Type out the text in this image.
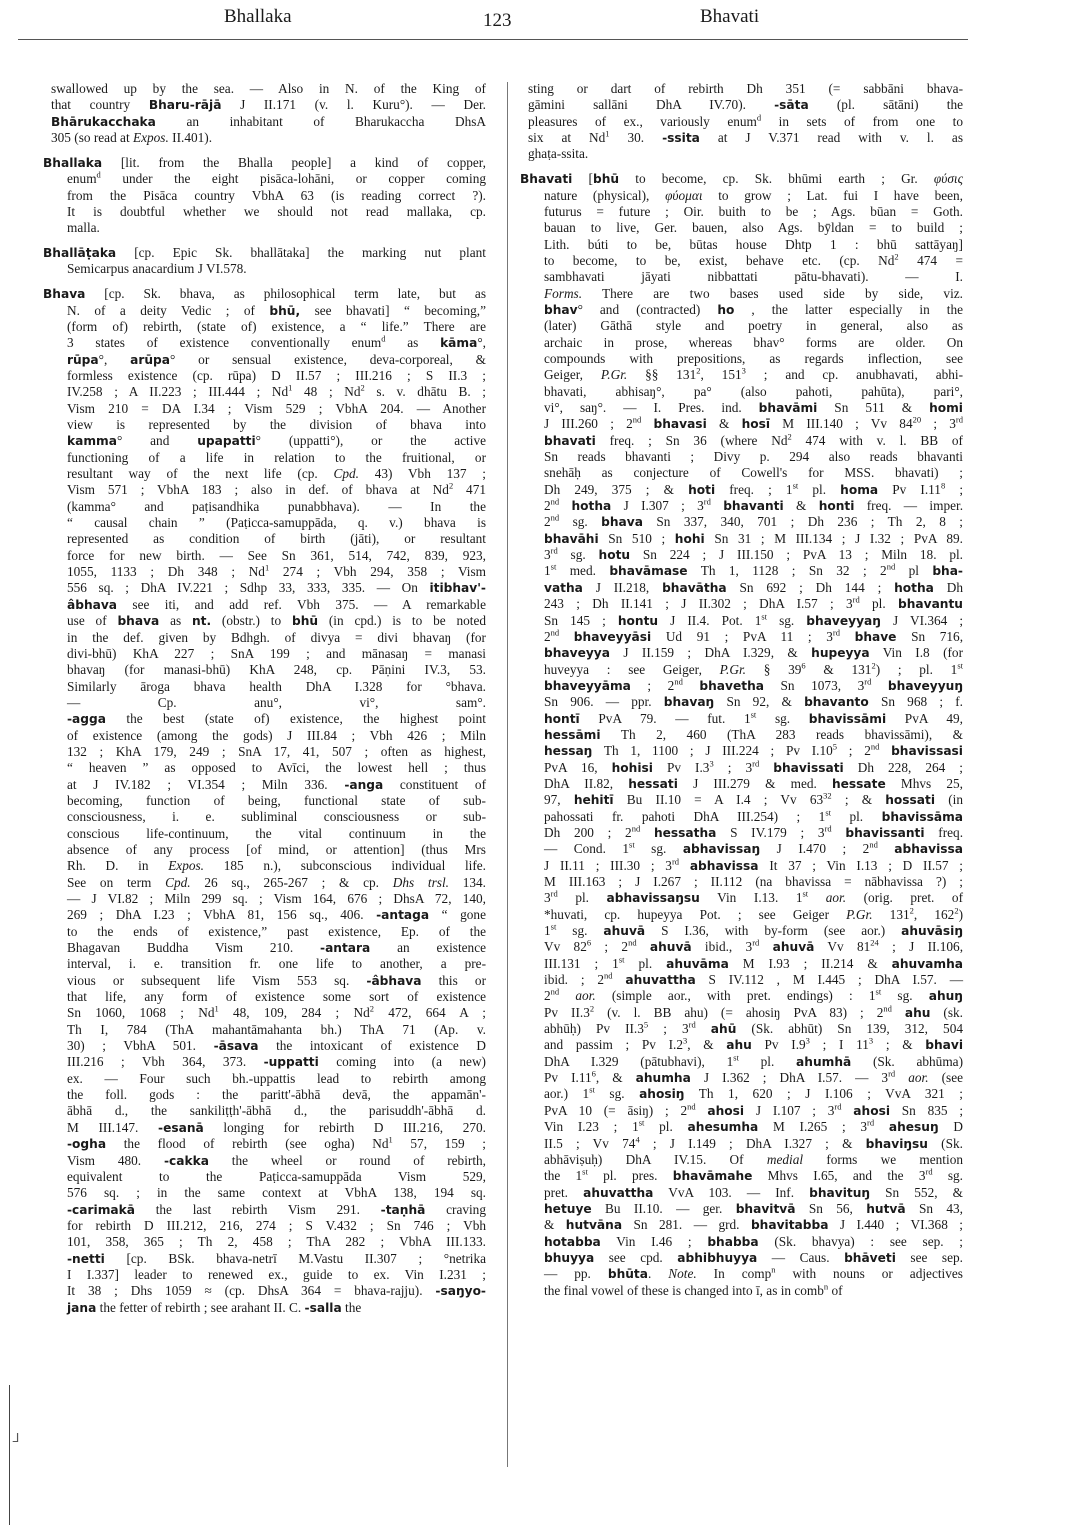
Bhallaka	123	Bhavati
swallowed up by the sea. — Also in N. of the King of
that country Bharu-rājā J II.171 (v. l. Kuru°). — Der.
Bhārukacchaka an inhabitant of Bharukaccha DhsA
305 (so read at Expos. II.401).
Bhallaka [lit. from the Bhalla people] a kind of copper,
enum$^d$ under the eight pisāca-lohāni, or copper coming
from the Pisāca country VbhA 63 (is reading correct ?).
It is doubtful whether we should not read mallaka, cp.
malla.
Bhallāṭaka [cp. Epic Sk. bhallātaka] the marking nut plant
Semicarpus anacardium J VI.578.
Bhava [cp. Sk. bhava, as philosophical term late, but as
N. of a deity Vedic ; of bhū, see bhavati] “ becoming,”
(form of) rebirth, (state of) existence, a “ life.” There are
3 states of existence conventionally enum$^d$ as kāma°,
rūpa°, arūpa° or sensual existence, deva-corporeal, &
formless existence (cp. rūpa) D II.57 ; III.216 ; S II.3 ;
IV.258 ; A II.223 ; III.444 ; Nd$^1$ 48 ; Nd$^2$ s. v. dhātu B. ;
Vism 210 = DA I.34 ; Vism 529 ; VbhA 204. — Another
view is represented by the division of bhava into
kamma° and upapatti° (uppatti°), or the active
functioning of a life in relation to the fruitional, or
resultant way of the next life (cp. Cpd. 43) Vbh 137 ;
Vism 571 ; VbhA 183 ; also in def. of bhava at Nd$^2$ 471
(kamma° and paṭisandhika punabbhava). — In the
“ causal chain ” (Paṭicca-samuppāda, q. v.) bhava is
represented as condition of birth (jāti), or resultant
force for new birth. — See Sn 361, 514, 742, 839, 923,
1055, 1133 ; Dh 348 ; Nd$^1$ 274 ; Vbh 294, 358 ; Vism
556 sq. ; DhA IV.221 ; Sdhp 33, 333, 335. — On itibhav'-
âbhava see iti, and add ref. Vbh 375. — A remarkable
use of bhava as nt. (obstr.) to bhū (in cpd.) is to be noted
in the def. given by Bdhgh. of divya = divi bhavaŋ (for
divi-bhū) KhA 227 ; SnA 199 ; and mānasaŋ = manasi
bhavaŋ (for manasi-bhū) KhA 248, cp. Pāṇini IV.3, 53.
Similarly āroga bhava health DhA I.328 for °bhava.
— Cp. anu°, vi°, sam°.
-agga the best (state of) existence, the highest point
of existence (among the gods) J III.84 ; Vbh 426 ; Miln
132 ; KhA 179, 249 ; SnA 17, 41, 507 ; often as highest,
“ heaven ” as opposed to Avīci, the lowest hell ; thus
at J IV.182 ; VI.354 ; Miln 336. -anga constituent of
becoming, function of being, functional state of sub-
consciousness, i. e. subliminal consciousness or sub-
conscious life-continuum, the vital continuum in the
absence of any process [of mind, or attention] (thus Mrs
Rh. D. in Expos. 185 n.), subconscious individual life.
See on term Cpd. 26 sq., 265-267 ; & cp. Dhs trsl. 134.
— J VI.82 ; Miln 299 sq. ; Vism 164, 676 ; DhsA 72, 140,
269 ; DhA I.23 ; VbhA 81, 156 sq., 406. -antaga “ gone
to the ends of existence,” past existence, Ep. of the
Bhagavan Buddha Vism 210. -antara an existence
interval, i. e. transition fr. one life to another, a pre-
vious or subsequent life Vism 553 sq. -âbhava this or
that life, any form of existence some sort of existence
Sn 1060, 1068 ; Nd$^1$ 48, 109, 284 ; Nd$^2$ 472, 664 A ;
Th I, 784 (ThA mahantāmahanta bh.) ThA 71 (Ap. v.
30) ; VbhA 501. -āsava the intoxicant of existence D
III.216 ; Vbh 364, 373. -uppatti coming into (a new)
ex. — Four such bh.-uppattis lead to rebirth among
the foll. gods : the paritt'-ābhā devā, the appamān'-
ābhā d., the sankiliṭṭh'-ābhā d., the parisuddh'-ābhā d.
M III.147. -esanā longing for rebirth D III.216, 270.
-ogha the flood of rebirth (see ogha) Nd$^1$ 57, 159 ;
Vism 480. -cakka the wheel or round of rebirth,
equivalent to the Paṭicca-samuppāda Vism 529,
576 sq. ; in the same context at VbhA 138, 194 sq.
-carimakā the last rebirth Vism 291. -taṇhā craving
for rebirth D III.212, 216, 274 ; S V.432 ; Sn 746 ; Vbh
101, 358, 365 ; Th 2, 458 ; ThA 282 ; VbhA III.133.
-netti [cp. BSk. bhava-netrī M.Vastu II.307 ; °netrika
I I.337] leader to renewed ex., guide to ex. Vin I.231 ;
It 38 ; Dhs 1059 ≈ (cp. DhsA 364 = bhava-rajju). -saŋyo-
jana the fetter of rebirth ; see arahant II. C. -salla the
sting or dart of rebirth Dh 351 (= sabbāni bhava-
gāmini sallāni DhA IV.70). -sāta (pl. sātāni) the
pleasures of ex., variously enum$^d$ in sets of from one to
six at Nd$^1$ 30. -ssita at J V.371 read with v. l. as
ghaṭa-ssita.
Bhavati [bhū to become, cp. Sk. bhūmi earth ; Gr. φύσις
nature (physical), φύομαι to grow ; Lat. fui I have been,
futurus = future ; Oir. buith to be ; Ags. būan = Goth.
bauan to live, Ger. bauen, also Ags. bȳldan = to build ;
Lith. búti to be, būtas house Dhtp 1 : bhū sattāyaŋ]
to become, to be, exist, behave etc. (cp. Nd$^2$ 474 =
sambhavati jāyati nibbattati pātu-bhavati). — I.
Forms. There are two bases used side by side, viz.
bhav° and (contracted) ho , the latter especially in the
(later) Gāthā style and poetry in general, also as
archaic in prose, whereas bhav° forms are older. On
compounds with prepositions, as regards inflection, see
Geiger, P.Gr. §§ $131^2$, $151^3$ ; and cp. anubhavati, abhi-
bhavati, abhisaŋ°, pa° (also pahoti, pahūta), pari°,
vi°, saŋ°. — I. Pres. ind. bhavāmi Sn 511 & homi
J III.260 ; 2nd bhavasi & hosī M III.140 ; Vv $84^{20}$ ; 3rd
bhavati freq. ; Sn 36 (where Nd$^2$ 474 with v. l. BB of
Sn reads bhavanti ; Divy p. 294 also reads bhavanti
snehāḥ as conjecture of Cowell's for MSS. bhavati) ;
Dh 249, 375 ; & hoti freq. ; 1st pl. homa Pv $I.11^8$ ;
2nd hotha J I.307 ; 3rd bhavanti & honti freq. — imper.
2nd sg. bhava Sn 337, 340, 701 ; Dh 236 ; Th 2, 8 ;
bhavāhi Sn 510 ; hohi Sn 31 ; M III.134 ; J I.32 ; PvA 89.
3rd sg. hotu Sn 224 ; J III.150 ; PvA 13 ; Miln 18. pl.
1st med. bhavāmase Th 1, 1128 ; Sn 32 ; 2nd pl bha-
vatha J II.218, bhavātha Sn 692 ; Dh 144 ; hotha Dh
243 ; Dh II.141 ; J II.302 ; DhA I.57 ; 3rd pl. bhavantu
Sn 145 ; hontu J II.4. Pot. 1st sg. bhaveyyaŋ J VI.364 ;
2nd bhaveyyāsi Ud 91 ; PvA 11 ; 3rd bhave Sn 716,
bhaveyya J II.159 ; DhA I.329, & hupeyya Vin I.8 (for
huveyya : see Geiger, P.Gr. § $39^6$ & $131^2$) ; pl. 1st
bhaveyyāma ; 2nd bhavetha Sn 1073, 3rd bhaveyyuŋ
Sn 906. — ppr. bhavaŋ Sn 92, & bhavanto Sn 968 ; f.
hontī PvA 79. — fut. 1st sg. bhavissāmi PvA 49,
hessāmi Th 2, 460 (ThA 283 reads bhavissāmi), &
hessaŋ Th 1, 1100 ; J III.224 ; Pv $I.10^5$ ; 2nd bhavissasi
PvA 16, hohisi Pv $I.3^3$ ; 3rd bhavissati Dh 228, 264 ;
DhA II.82, hessati J III.279 & med. hessate Mhvs 25,
97, hehitī Bu II.10 = A I.4 ; Vv $63^{32}$ ; & hossati (in
pahossati fr. pahoti DhA III.254) ; 1st pl. bhavissāma
Dh 200 ; 2nd hessatha S IV.179 ; 3rd bhavissanti freq.
— Cond. 1st sg. abhavissaŋ J I.470 ; 2nd abhavissa
J II.11 ; III.30 ; 3rd abhavissa It 37 ; Vin I.13 ; D II.57 ;
M III.163 ; J I.267 ; II.112 (na bhavissa = nābhavissa ?) ;
3rd pl. abhavissaŋsu Vin I.13. 1st aor. (orig. pret. of
*huvati, cp. hupeyya Pot. ; see Geiger P.Gr. $131^2$, $162^2$)
1st sg. ahuvā S I.36, with by-form (see aor.) ahuvāsiŋ
Vv $82^6$ ; 2nd ahuvā ibid., 3rd ahuvā Vv $81^{24}$ ; J II.106,
III.131 ; 1st pl. ahuvāma M I.93 ; II.214 & ahuvamha
ibid. ; 2nd ahuvattha S IV.112 , M I.445 ; DhA I.57. —
2nd aor. (simple aor., with pret. endings) : 1st sg. ahuŋ
Pv $II.3^2$ (v. l. BB ahu) (= ahosiŋ PvA 83) ; 2nd ahu (sk.
abhūḥ) Pv $II.3^5$ ; 3rd ahū (Sk. abhūt) Sn 139, 312, 504
and passim ; Pv $I.2^3$, & ahu Pv $I.9^3$ ; I $11^3$ ; & bhavi
DhA I.329 (pātubhavi), 1st pl. ahumhā (Sk. abhūma)
Pv $I.11^6$, & ahumha J I.362 ; DhA I.57. — 3rd aor. (see
aor.) 1st sg. ahosiŋ Th 1, 620 ; J I.106 ; VvA 321 ;
PvA 10 (= āsiŋ) ; 2nd ahosi J I.107 ; 3rd ahosi Sn 835 ;
Vin I.23 ; 1st pl. ahesumha M I.265 ; 3rd ahesuŋ D
II.5 ; Vv $74^4$ ; J I.149 ; DhA I.327 ; & bhaviŋsu (Sk.
abhāviṣuḥ) DhA IV.15. Of medial forms we mention
the 1st pl. pres. bhavāmahe Mhvs I.65, and the 3rd sg.
pret. ahuvattha VvA 103. — Inf. bhavituŋ Sn 552, &
hetuye Bu II.10. — ger. bhavitvā Sn 56, hutvā Sn 43,
& hutvāna Sn 281. — grd. bhavitabba J I.440 ; VI.368 ;
hotabba Vin I.46 ; bhabba (Sk. bhavya) : see sep. ;
bhuyya see cpd. abhibhuyya — Caus. bhāveti see sep.
— pp. bhūta. Note. In comp$^n$ with nouns or adjectives
the final vowel of these is changed into ī, as in comb$^n$ of
ᒧ
